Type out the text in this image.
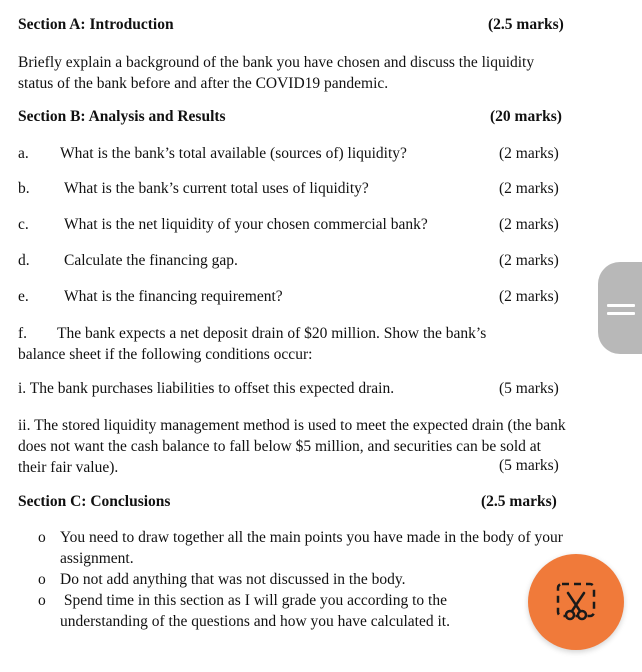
Section A: Introduction	(2.5 marks)
Briefly explain a background of the bank you have chosen and discuss the liquidity status of the bank before and after the COVID19 pandemic.
Section B: Analysis and Results	(20 marks)
a. What is the bank’s total available (sources of) liquidity?	(2 marks)
b. What is the bank’s current total uses of liquidity?	(2 marks)
c. What is the net liquidity of your chosen commercial bank?	(2 marks)
d. Calculate the financing gap.	(2 marks)
e. What is the financing requirement?	(2 marks)
f. The bank expects a net deposit drain of $20 million. Show the bank’s balance sheet if the following conditions occur:
i. The bank purchases liabilities to offset this expected drain.	(5 marks)
ii. The stored liquidity management method is used to meet the expected drain (the bank does not want the cash balance to fall below $5 million, and securities can be sold at their fair value).	(5 marks)
Section C: Conclusions	(2.5 marks)
o You need to draw together all the main points you have made in the body of your assignment.
o Do not add anything that was not discussed in the body.
o Spend time in this section as I will grade you according to the understanding of the questions and how you have calculated it.
